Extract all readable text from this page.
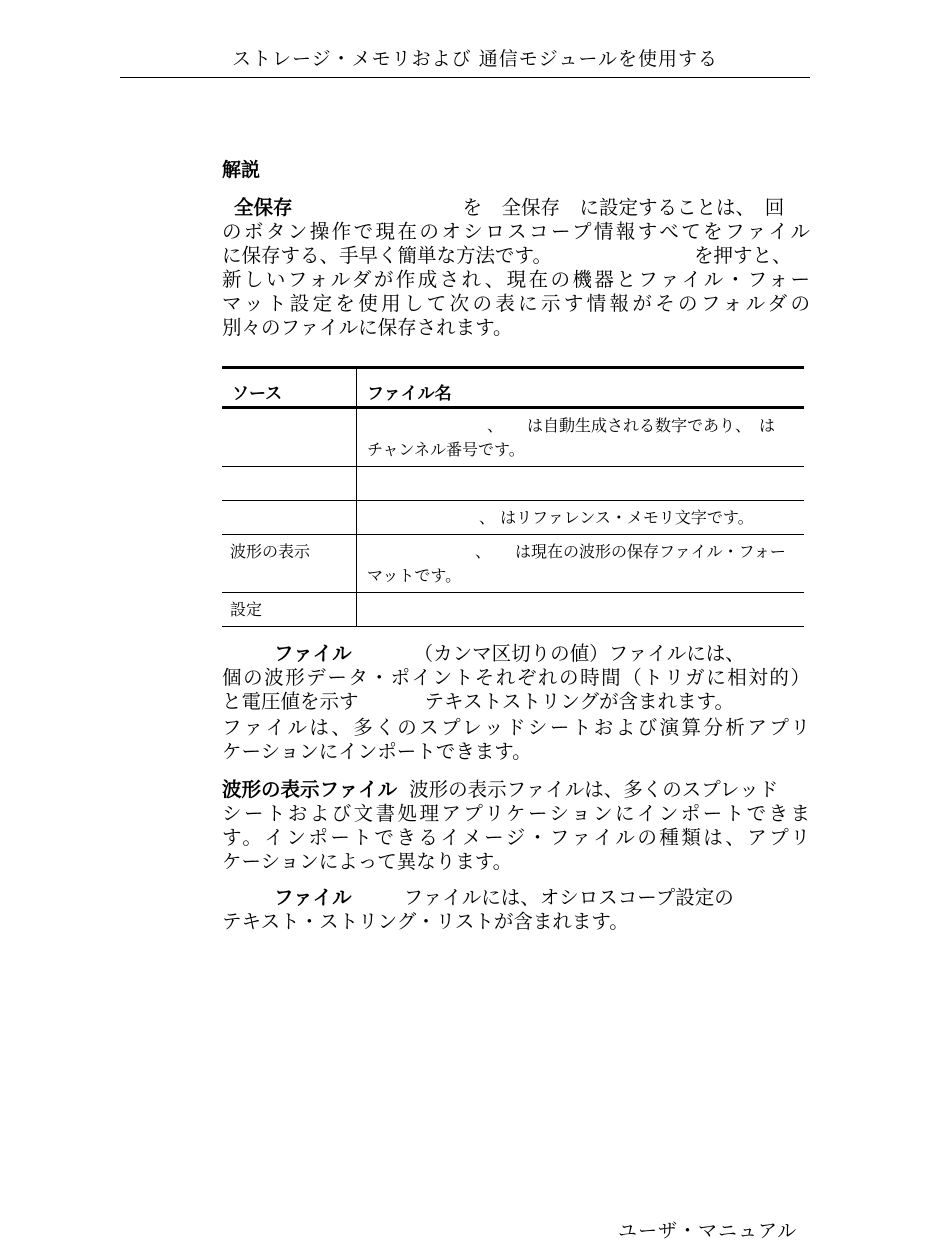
ストレージ・メモリおよび 通信モジュールを使用する
解説
全保存	を　全保存　に設定することは、　回
のボタン操作で現在のオシロスコープ情報すべてをファイル
に保存する、手早く簡単な方法です。	を押すと、
新しいフォルダが作成され、現在の機器とファイル・フォー
マット設定を使用して次の表に示す情報がそのフォルダの
別々のファイルに保存されます。
ソース	ファイル名

	、　　は自動生成される数字であり、　は
チャンネル番号です。

	、 はリファレンス・メモリ文字です。

波形の表示	、　　は現在の波形の保存ファイル・フォー
マットです。

設定	

ファイル	（カンマ区切りの値）ファイルには、
個の波形データ・ポイントそれぞれの時間（トリガに相対的）
と電圧値を示す	テキストストリングが含まれます。
ファイルは、多くのスプレッドシートおよび演算分析アプリ
ケーションにインポートできます。
波形の表示ファイル 波形の表示ファイルは、多くのスプレッド
シートおよび文書処理アプリケーションにインポートできま
す。インポートできるイメージ・ファイルの種類は、アプリ
ケーションによって異なります。
ファイル	ファイルには、オシロスコープ設定の
テキスト・ストリング・リストが含まれます。
ユーザ・マニュアル
